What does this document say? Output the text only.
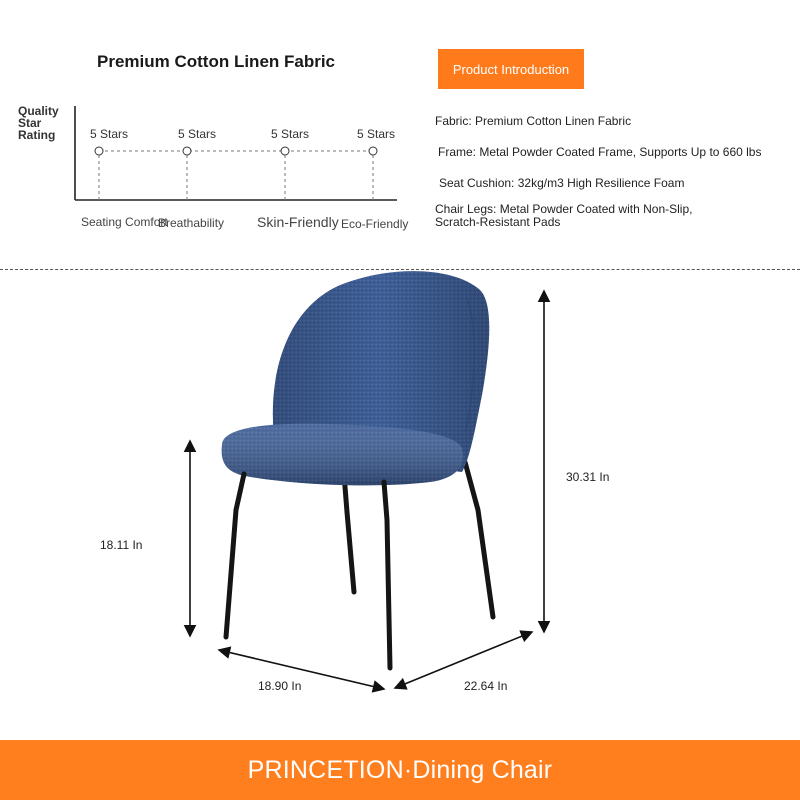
Premium Cotton Linen Fabric	Product Introduction
Quality Star Rating	5 Stars	5 Stars	5 Stars	5 Stars
Seating Comfort
Breathability Skin-Friendly Eco-Friendly
Fabric: Premium Cotton Linen Fabric
Frame: Metal Powder Coated Frame, Supports Up to 660 lbs
Seat Cushion: 32kg/m3 High Resilience Foam
Chair Legs: Metal Powder Coated with Non-Slip, Scratch-Resistant Pads
30.31 In
18.11 In
18.90 In	22.64 In
PRINCETION·Dining Chair
